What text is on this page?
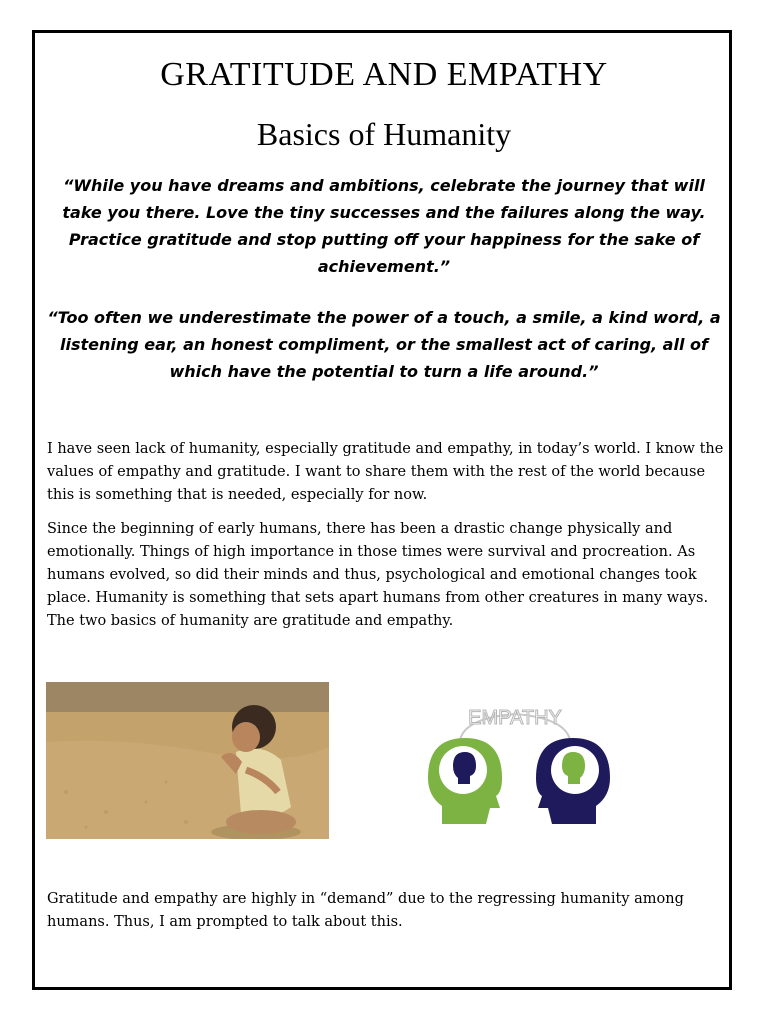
GRATITUDE AND EMPATHY
Basics of Humanity

“While you have dreams and ambitions, celebrate the journey that will take you there. Love the tiny successes and the failures along the way. Practice gratitude and stop putting off your happiness for the sake of achievement.”

“Too often we underestimate the power of a touch, a smile, a kind word, a listening ear, an honest compliment, or the smallest act of caring, all of which have the potential to turn a life around.”

I have seen lack of humanity, especially gratitude and empathy, in today’s world. I know the values of empathy and gratitude. I want to share them with the rest of the world because this is something that is needed, especially for now.

Since the beginning of early humans, there has been a drastic change physically and emotionally. Things of high importance in those times were survival and procreation. As humans evolved, so did their minds and thus, psychological and emotional changes took place. Humanity is something that sets apart humans from other creatures in many ways. The two basics of humanity are gratitude and empathy.

EMPATHY

Gratitude and empathy are highly in “demand” due to the regressing humanity among humans. Thus, I am prompted to talk about this.
